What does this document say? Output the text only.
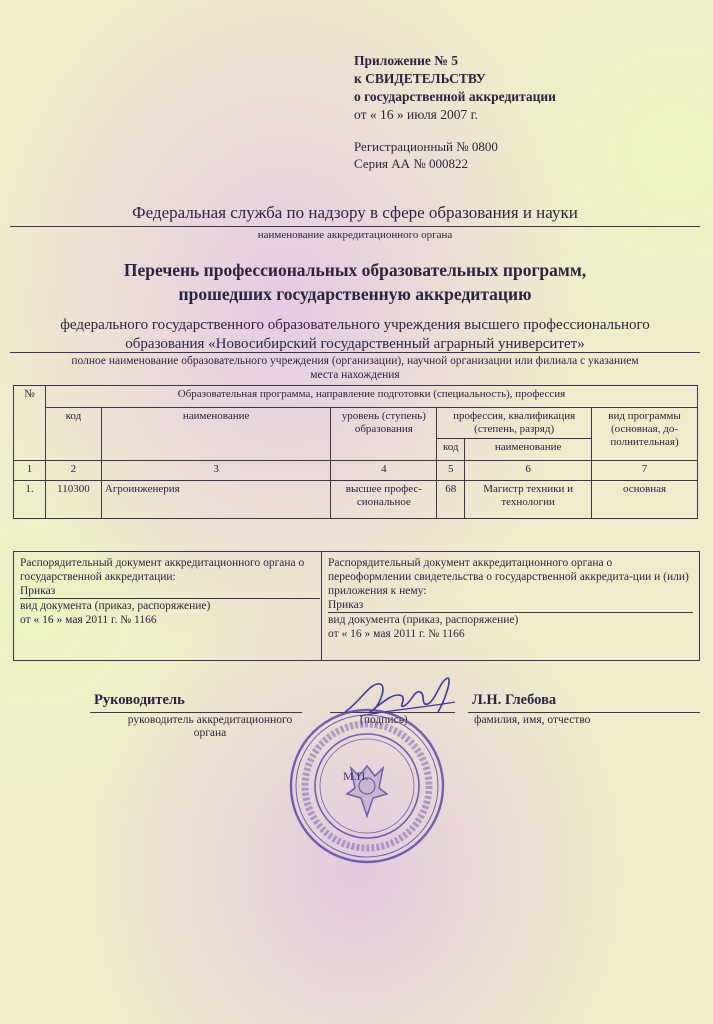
Приложение № 5
к СВИДЕТЕЛЬСТВУ
о государственной аккредитации
от « 16 » июля 2007 г.
Регистрационный № 0800
Серия АА № 000822
Федеральная служба по надзору в сфере образования и науки
наименование аккредитационного органа
Перечень профессиональных образовательных программ,
прошедших государственную аккредитацию
федерального государственного образовательного учреждения высшего профессионального
образования «Новосибирский государственный аграрный университет»
полное наименование образовательного учреждения (организации), научной организации или филиала с указанием
места нахождения
№	Образовательная программа, направление подготовки (специальность), профессия					
	код	наименование	уровень (ступень) образования	профессия, квалификация (степень, разряд)		вид программы (основная, до-полнительная)
				код	наименование	
1	2	3	4	5	6	7
1.	110300	Агроинженерия	высшее профес-сиональное	68	Магистр техники и технологии	основная
Распорядительный документ аккредитационного органа о государственной аккредитации:
Приказ
вид документа (приказ, распоряжение)
от « 16 » мая 2011 г. № 1166
Распорядительный документ аккредитационного органа о переоформлении свидетельства о государственной аккредита-ции и (или) приложения к нему:
Приказ
вид документа (приказ, распоряжение)
от « 16 » мая 2011 г. № 1166
Руководитель
руководитель аккредитационного органа
(подпись)
Л.Н. Глебова
фамилия, имя, отчество
М.П.
